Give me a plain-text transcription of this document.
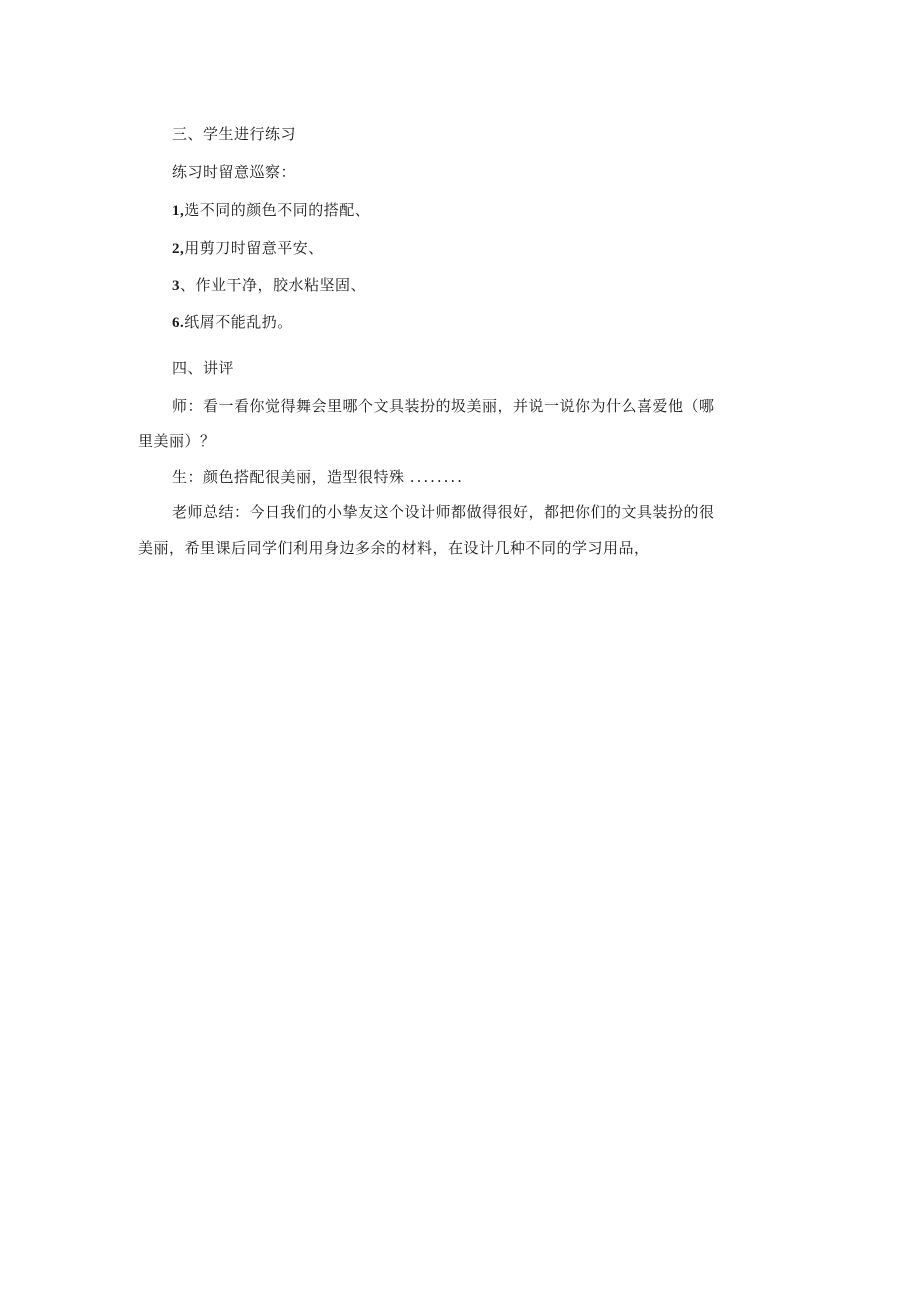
三、学生进行练习
练习时留意巡察：
1,选不同的颜色不同的搭配、
2,用剪刀时留意平安、
3、作业干净，胶水粘坚固、
6.纸屑不能乱扔。
四、讲评
师：看一看你觉得舞会里哪个文具装扮的圾美丽，并说一说你为什么喜爱他（哪
里美丽）？
生：颜色搭配很美丽，造型很特殊 ........
老师总结：今日我们的小挚友这个设计师都做得很好，都把你们的文具装扮的很
美丽，希里课后同学们利用身边多余的材料，在设计几种不同的学习用品，
